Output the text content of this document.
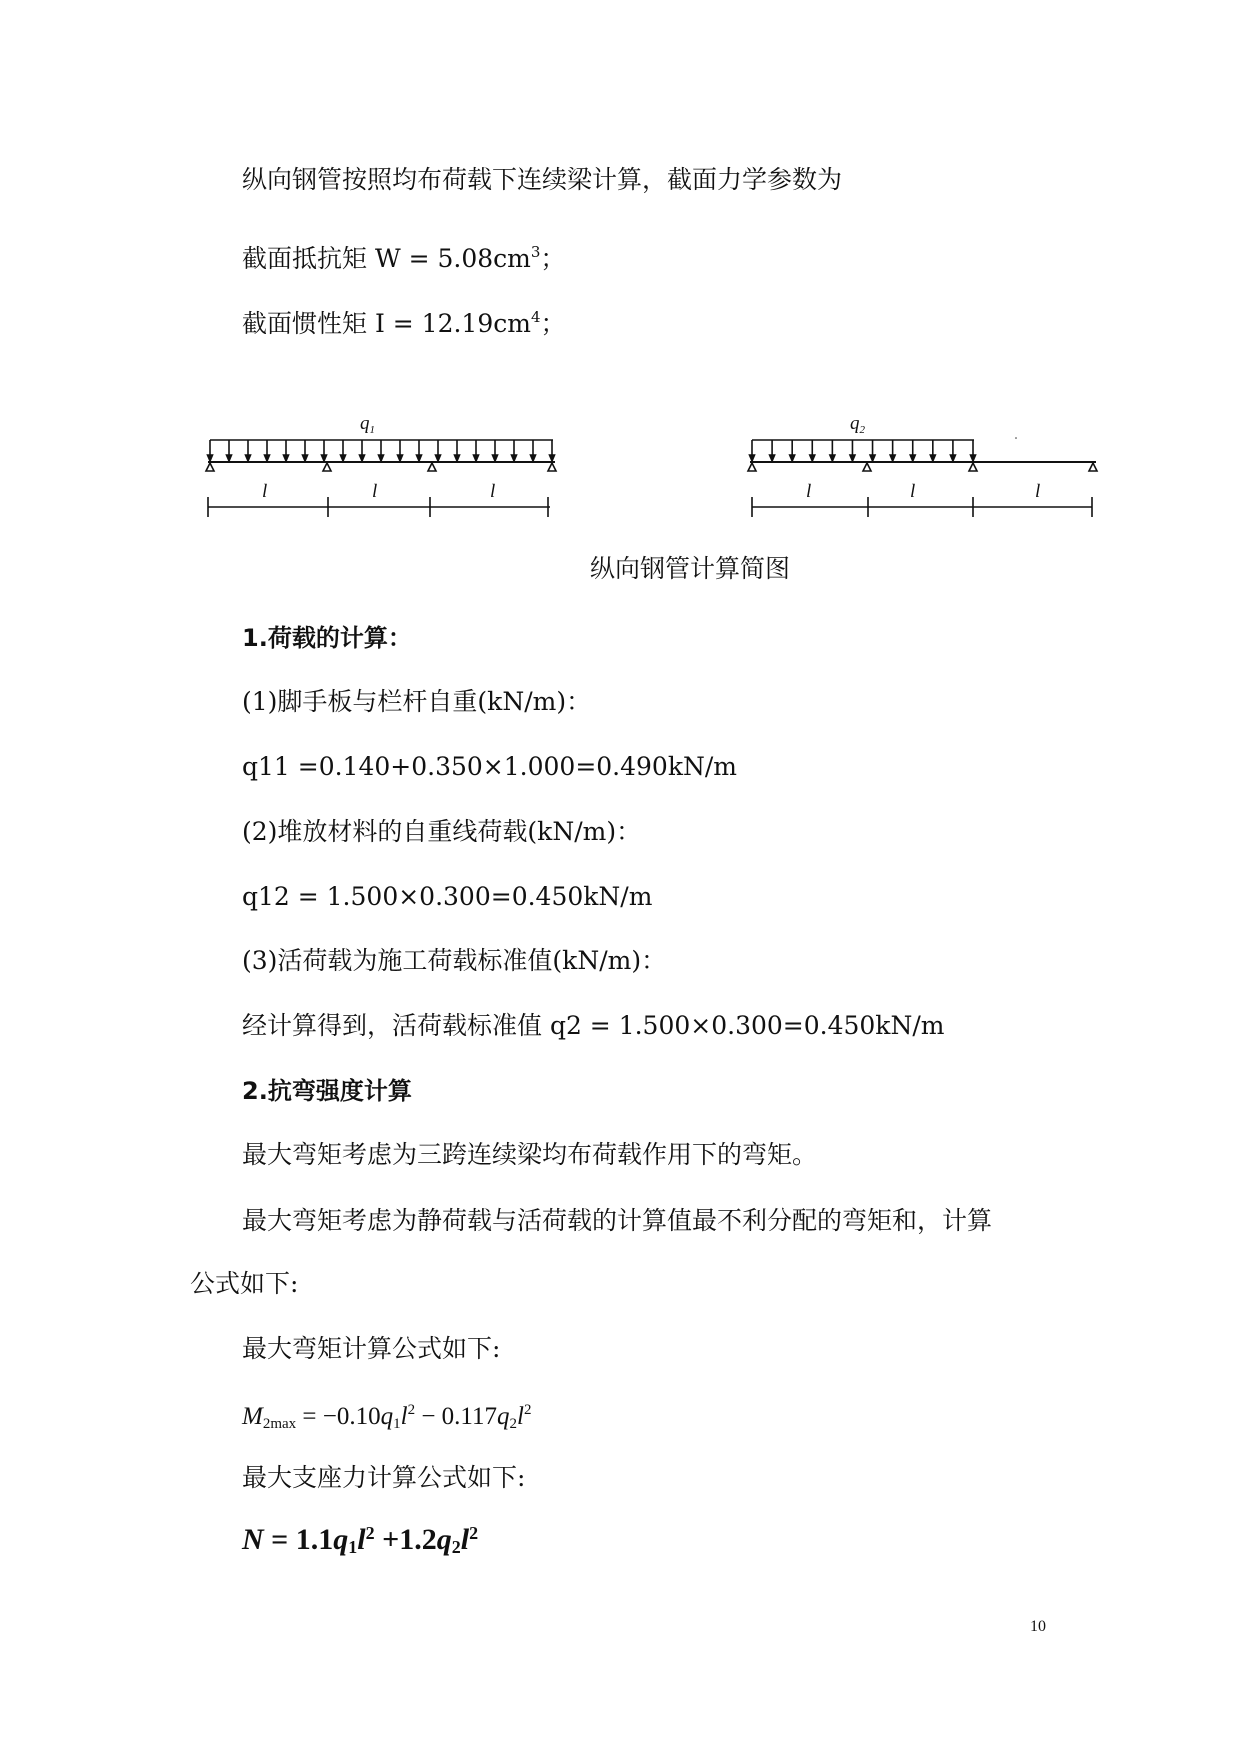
纵向钢管按照均布荷载下连续梁计算，截面力学参数为
截面抵抗矩 $W = 5.08cm^3$；
截面惯性矩 $I = 12.19cm^4$；
$q_1$
l	l	l
$q_2$
l	l	l
纵向钢管计算简图
1.荷载的计算：
(1)脚手板与栏杆自重(kN/m)：
q11 =0.140+0.350×1.000=0.490kN/m
(2)堆放材料的自重线荷载(kN/m)：
q12 = 1.500×0.300=0.450kN/m
(3)活荷载为施工荷载标准值(kN/m)：
经计算得到，活荷载标准值 q2 = 1.500×0.300=0.450kN/m
2.抗弯强度计算
最大弯矩考虑为三跨连续梁均布荷载作用下的弯矩。
最大弯矩考虑为静荷载与活荷载的计算值最不利分配的弯矩和，计算
公式如下:
最大弯矩计算公式如下:
$M_{2max} = -0.10q_1l^2 - 0.117q_2l^2$
最大支座力计算公式如下:
$N = 1.1q_1l^2 +1.2q_2l^2$
10
